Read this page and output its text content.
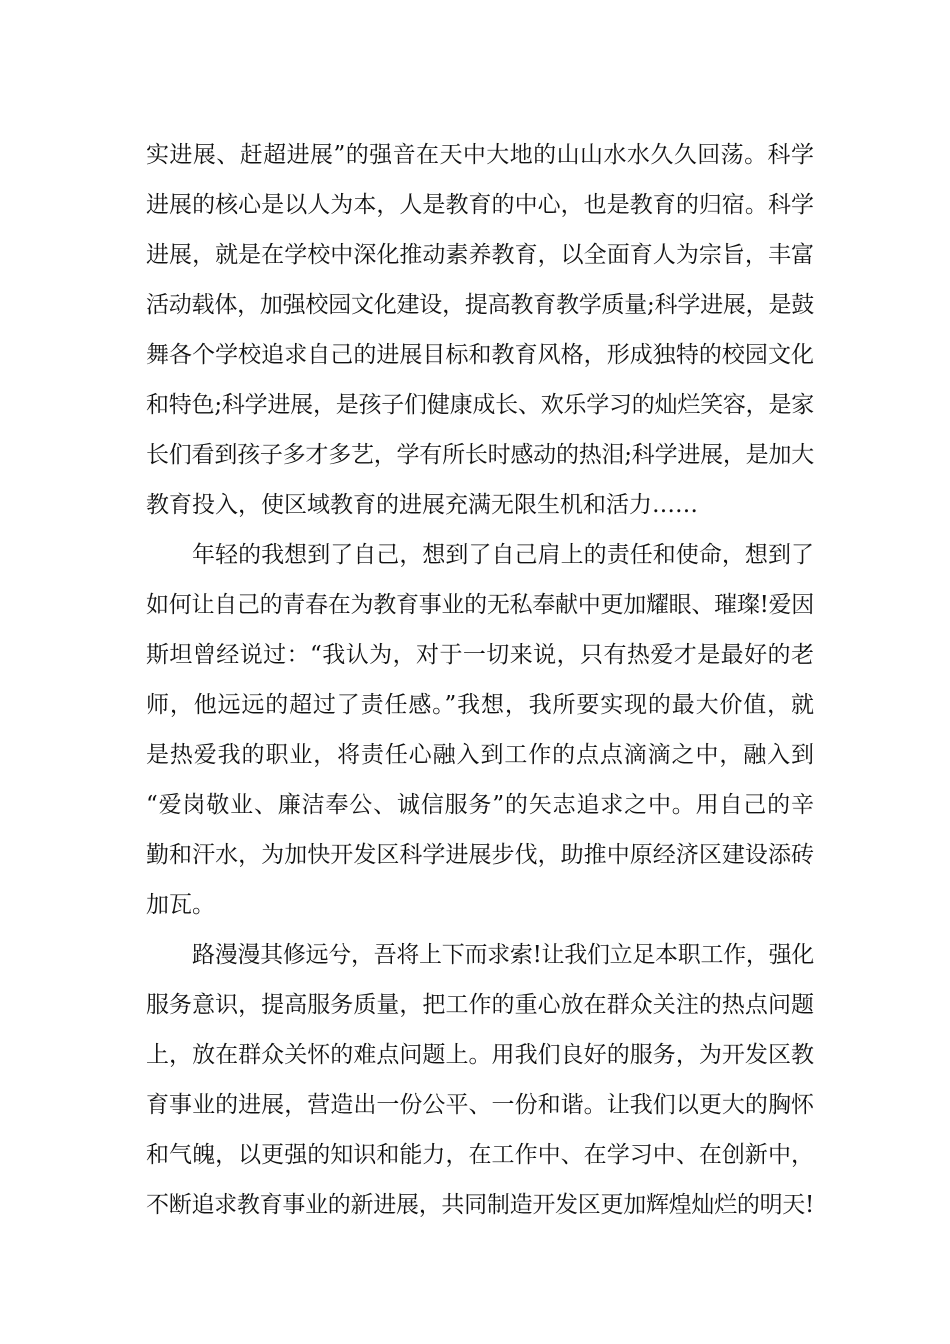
实进展、赶超进展”的强音在天中大地的山山水水久久回荡。科学
进展的核心是以人为本，人是教育的中心，也是教育的归宿。科学
进展，就是在学校中深化推动素养教育，以全面育人为宗旨，丰富
活动载体，加强校园文化建设，提高教育教学质量;科学进展，是鼓
舞各个学校追求自己的进展目标和教育风格，形成独特的校园文化
和特色;科学进展，是孩子们健康成长、欢乐学习的灿烂笑容，是家
长们看到孩子多才多艺，学有所长时感动的热泪;科学进展，是加大
教育投入，使区域教育的进展充满无限生机和活力……
年轻的我想到了自己，想到了自己肩上的责任和使命，想到了
如何让自己的青春在为教育事业的无私奉献中更加耀眼、璀璨!爱因
斯坦曾经说过：“我认为，对于一切来说，只有热爱才是最好的老
师，他远远的超过了责任感。”我想，我所要实现的最大价值，就
是热爱我的职业，将责任心融入到工作的点点滴滴之中，融入到
“爱岗敬业、廉洁奉公、诚信服务”的矢志追求之中。用自己的辛
勤和汗水，为加快开发区科学进展步伐，助推中原经济区建设添砖
加瓦。
路漫漫其修远兮，吾将上下而求索!让我们立足本职工作，强化
服务意识，提高服务质量，把工作的重心放在群众关注的热点问题
上，放在群众关怀的难点问题上。用我们良好的服务，为开发区教
育事业的进展，营造出一份公平、一份和谐。让我们以更大的胸怀
和气魄，以更强的知识和能力，在工作中、在学习中、在创新中，
不断追求教育事业的新进展，共同制造开发区更加辉煌灿烂的明天!
